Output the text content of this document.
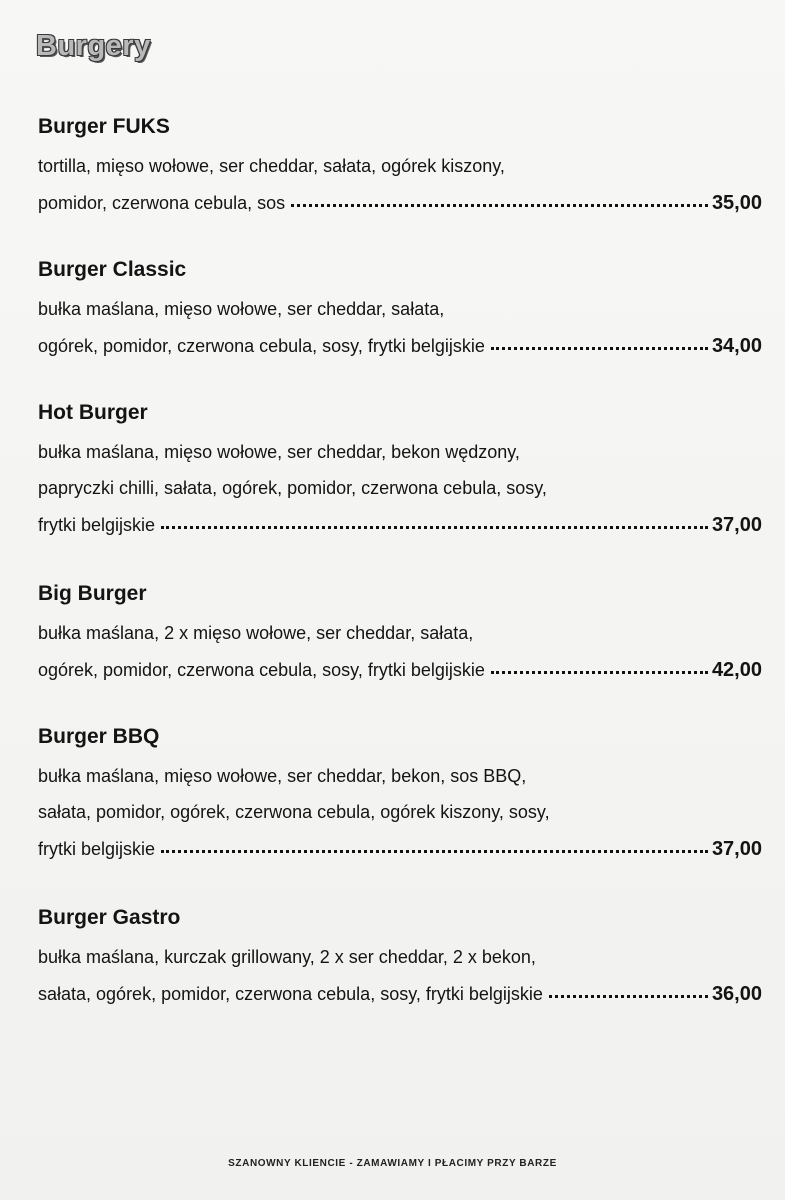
Burgery
Burger FUKS
tortilla, mięso wołowe, ser cheddar, sałata, ogórek kiszony,
pomidor, czerwona cebula, sos	35,00
Burger Classic
bułka maślana, mięso wołowe, ser cheddar, sałata,
ogórek, pomidor, czerwona cebula, sosy, frytki belgijskie	34,00
Hot Burger
bułka maślana, mięso wołowe, ser cheddar, bekon wędzony,
papryczki chilli, sałata, ogórek, pomidor, czerwona cebula, sosy,
frytki belgijskie	37,00
Big Burger
bułka maślana, 2 x mięso wołowe, ser cheddar, sałata,
ogórek, pomidor, czerwona cebula, sosy, frytki belgijskie	42,00
Burger BBQ
bułka maślana, mięso wołowe, ser cheddar, bekon, sos BBQ,
sałata, pomidor, ogórek, czerwona cebula, ogórek kiszony, sosy,
frytki belgijskie	37,00
Burger Gastro
bułka maślana, kurczak grillowany, 2 x ser cheddar, 2 x bekon,
sałata, ogórek, pomidor, czerwona cebula, sosy, frytki belgijskie	36,00
SZANOWNY KLIENCIE - ZAMAWIAMY I PŁACIMY PRZY BARZE
